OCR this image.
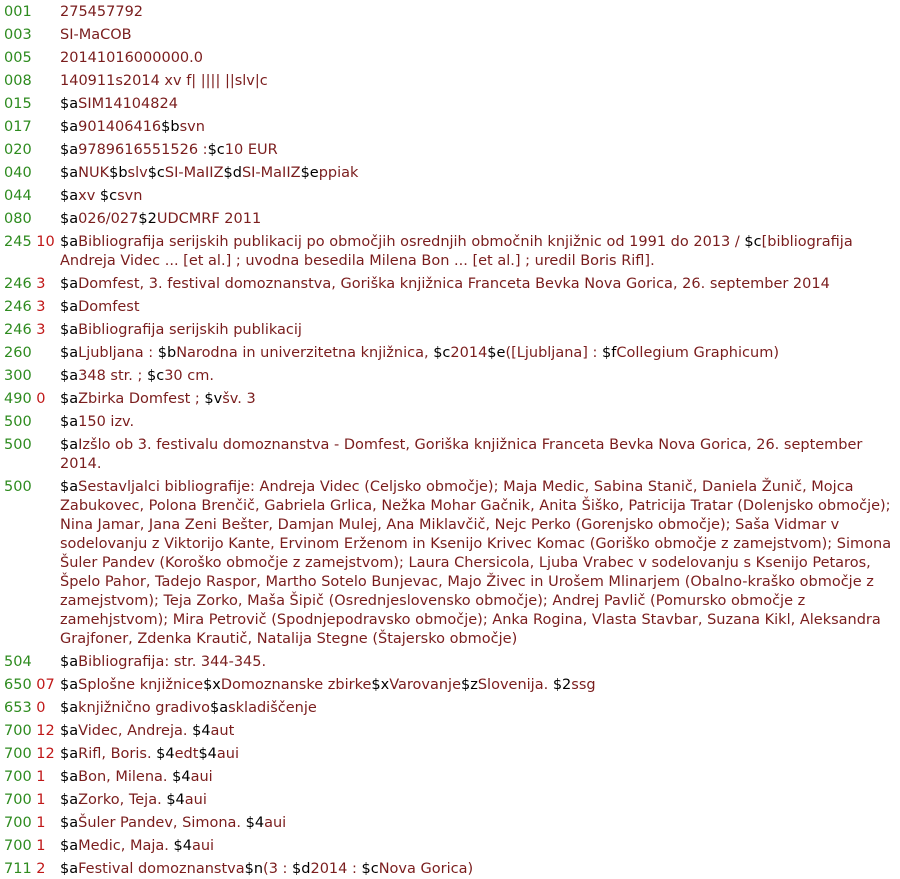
001	275457792
003	SI-MaCOB
005	20141016000000.0
008	140911s2014 xv f| |||| ||slv|c
015	$aSIM14104824
017	$a901406416$bsvn
020	$a9789616551526 :$c10 EUR
040	$aNUK$bslv$cSI-MaIIZ$dSI-MaIIZ$eppiak
044	$axv $csvn
080	$a026/027$2UDCMRF 2011
245 10 $aBibliografija serijskih publikacij po območjih osrednjih območnih knjižnic od 1991 do 2013 / $c[bibliografija Andreja Videc ... [et al.] ; uvodna besedila Milena Bon ... [et al.] ; uredil Boris Rifl].
246 3 $aDomfest, 3. festival domoznanstva, Goriška knjižnica Franceta Bevka Nova Gorica, 26. september 2014
246 3 $aDomfest
246 3 $aBibliografija serijskih publikacij
260	$aLjubljana : $bNarodna in univerzitetna knjižnica, $c2014$e([Ljubljana] : $fCollegium Graphicum)
300	$a348 str. ; $c30 cm.
490 0 $aZbirka Domfest ; $všv. 3
500	$a150 izv.
500	$aIzšlo ob 3. festivalu domoznanstva - Domfest, Goriška knjižnica Franceta Bevka Nova Gorica, 26. september 2014.
500	$aSestavljalci bibliografije: Andreja Videc (Celjsko območje); Maja Medic, Sabina Stanič, Daniela Žunič, Mojca Zabukovec, Polona Brenčič, Gabriela Grlica, Nežka Mohar Gačnik, Anita Šiško, Patricija Tratar (Dolenjsko območje); Nina Jamar, Jana Zeni Bešter, Damjan Mulej, Ana Miklavčič, Nejc Perko (Gorenjsko območje); Saša Vidmar v sodelovanju z Viktorijo Kante, Ervinom Erženom in Ksenijo Krivec Komac (Goriško območje z zamejstvom); Simona Šuler Pandev (Koroško območje z zamejstvom); Laura Chersicola, Ljuba Vrabec v sodelovanju s Ksenijo Petaros, Špelo Pahor, Tadejo Raspor, Martho Sotelo Bunjevac, Majo Živec in Urošem Mlinarjem (Obalno-kraško območje z zamejstvom); Teja Zorko, Maša Šipič (Osrednjeslovensko območje); Andrej Pavlič (Pomursko območje z zamehjstvom); Mira Petrovič (Spodnjepodravsko območje); Anka Rogina, Vlasta Stavbar, Suzana Kikl, Aleksandra Grajfoner, Zdenka Krautič, Natalija Stegne (Štajersko območje)
504	$aBibliografija: str. 344-345.
650 07 $aSplošne knjižnice$xDomoznanske zbirke$xVarovanje$zSlovenija. $2ssg
653 0 $aknjižnično gradivo$askladiščenje
700 12 $aVidec, Andreja. $4aut
700 12 $aRifl, Boris. $4edt$4aui
700 1 $aBon, Milena. $4aui
700 1 $aZorko, Teja. $4aui
700 1 $aŠuler Pandev, Simona. $4aui
700 1 $aMedic, Maja. $4aui
711 2 $aFestival domoznanstva$n(3 : $d2014 : $cNova Gorica)
